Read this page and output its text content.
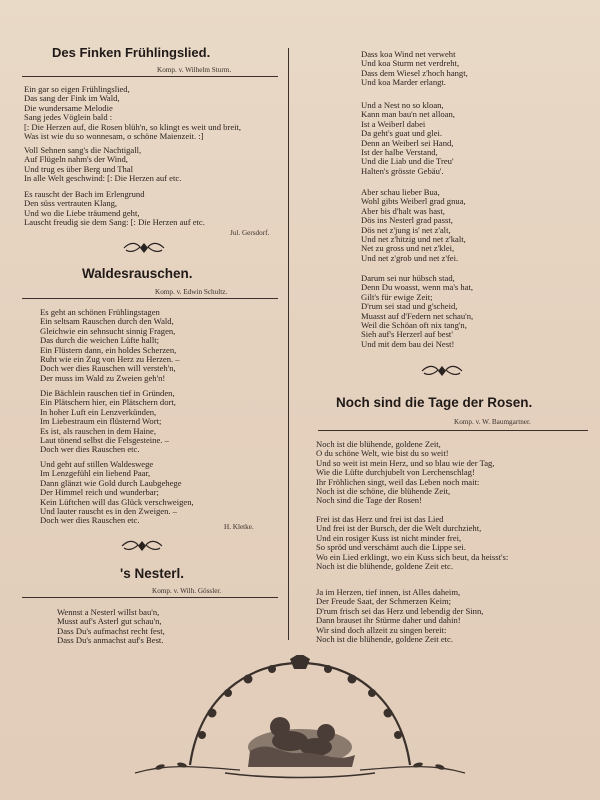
Des Finken Frühlingslied.
Komp. v. Wilhelm Sturm.
Ein gar so eigen Frühlingslied,
Das sang der Fink im Wald,
Die wundersame Melodie
Sang jedes Vöglein bald :
[: Die Herzen auf, die Rosen blüh'n, so klingt es weit und breit,
Was ist wie du so wonnesam, o schöne Maienzeit. :]
Voll Sehnen sang's die Nachtigall,
Auf Flügeln nahm's der Wind,
Und trug es über Berg und Thal
In alle Welt geschwind: [: Die Herzen auf etc.
Es rauscht der Bach im Erlengrund
Den süss vertrauten Klang,
Und wo die Liebe träumend geht,
Lauscht freudig sie dem Sang: [: Die Herzen auf etc.
Jul. Gersdorf.
Waldesrauschen.
Komp. v. Edwin Schultz.
Es geht an schönen Frühlingstagen
Ein seltsam Rauschen durch den Wald,
Gleichwie ein sehnsucht sinnig Fragen,
Das durch die weichen Lüfte hallt;
Ein Flüstern dann, ein holdes Scherzen,
Ruht wie ein Zug von Herz zu Herzen. –
Doch wer dies Rauschen will versteh'n,
Der muss im Wald zu Zweien geh'n!
Die Bächlein rauschen tief in Gründen,
Ein Plätschern hier, ein Plätschern dort,
In hoher Luft ein Lenzverkünden,
Im Liebestraum ein flüsternd Wort;
Es ist, als rauschen in dem Haine,
Laut tönend selbst die Felsgesteine. –
Doch wer dies Rauschen etc.
Und geht auf stillen Waldeswege
Im Lenzgefühl ein liebend Paar,
Dann glänzt wie Gold durch Laubgehege
Der Himmel reich und wunderbar;
Kein Lüftchen will das Glück verschweigen,
Und lauter rauscht es in den Zweigen. –
Doch wer dies Rauschen etc.
H. Kletke.
's Nesterl.
Komp. v. Wilh. Gössler.
Wennst a Nesterl willst bau'n,
Musst auf's Asterl gut schau'n,
Dass Du's aufmachst recht fest,
Dass Du's anmachst auf's Best.
Dass koa Wind net verweht
Und koa Sturm net verdreht,
Dass dem Wiesel z'hoch hangt,
Und koa Marder erlangt.
Und a Nest no so kloan,
Kann man bau'n net alloan,
Ist a Weiberl dabei
Da geht's guat und glei.
Denn an Weiberl sei Hand,
Ist der halbe Verstand,
Und die Liab und die Treu'
Halten's grösste Gebäu'.
Aber schau lieber Bua,
Wohl gibts Weiberl grad gnua,
Aber bis d'halt was hast,
Dös ins Nesterl grad passt,
Dös net z'jung is' net z'alt,
Und net z'hitzig und net z'kalt,
Net zu gross und net z'klei,
Und net z'grob und net z'fei.
Darum sei nur hübsch stad,
Denn Du woasst, wenn ma's hat,
Gilt's für ewige Zeit;
D'rum sei stad und g'scheid,
Muasst auf d'Federn net schau'n,
Weil die Schöan oft nix tang'n,
Sieh auf's Herzerl auf best'
Und mit dem bau dei Nest!
Noch sind die Tage der Rosen.
Komp. v. W. Baumgartner.
Noch ist die blühende, goldene Zeit,
O du schöne Welt, wie bist du so weit!
Und so weit ist mein Herz, und so blau wie der Tag,
Wie die Lüfte durchjubelt von Lerchenschlag!
Ihr Fröhlichen singt, weil das Leben noch mait:
Noch ist die schöne, die blühende Zeit,
Noch sind die Tage der Rosen!
Frei ist das Herz und frei ist das Lied
Und frei ist der Bursch, der die Welt durchzieht,
Und ein rosiger Kuss ist nicht minder frei,
So spröd und verschämt auch die Lippe sei.
Wo ein Lied erklingt, wo ein Kuss sich beut, da heisst's:
Noch ist die blühende, goldene Zeit etc.
Ja im Herzen, tief innen, ist Alles daheim,
Der Freude Saat, der Schmerzen Keim;
D'rum frisch sei das Herz und lebendig der Sinn,
Dann brauset ihr Stürme daher und dahin!
Wir sind doch allzeit zu singen bereit:
Noch ist die blühende, goldene Zeit etc.
